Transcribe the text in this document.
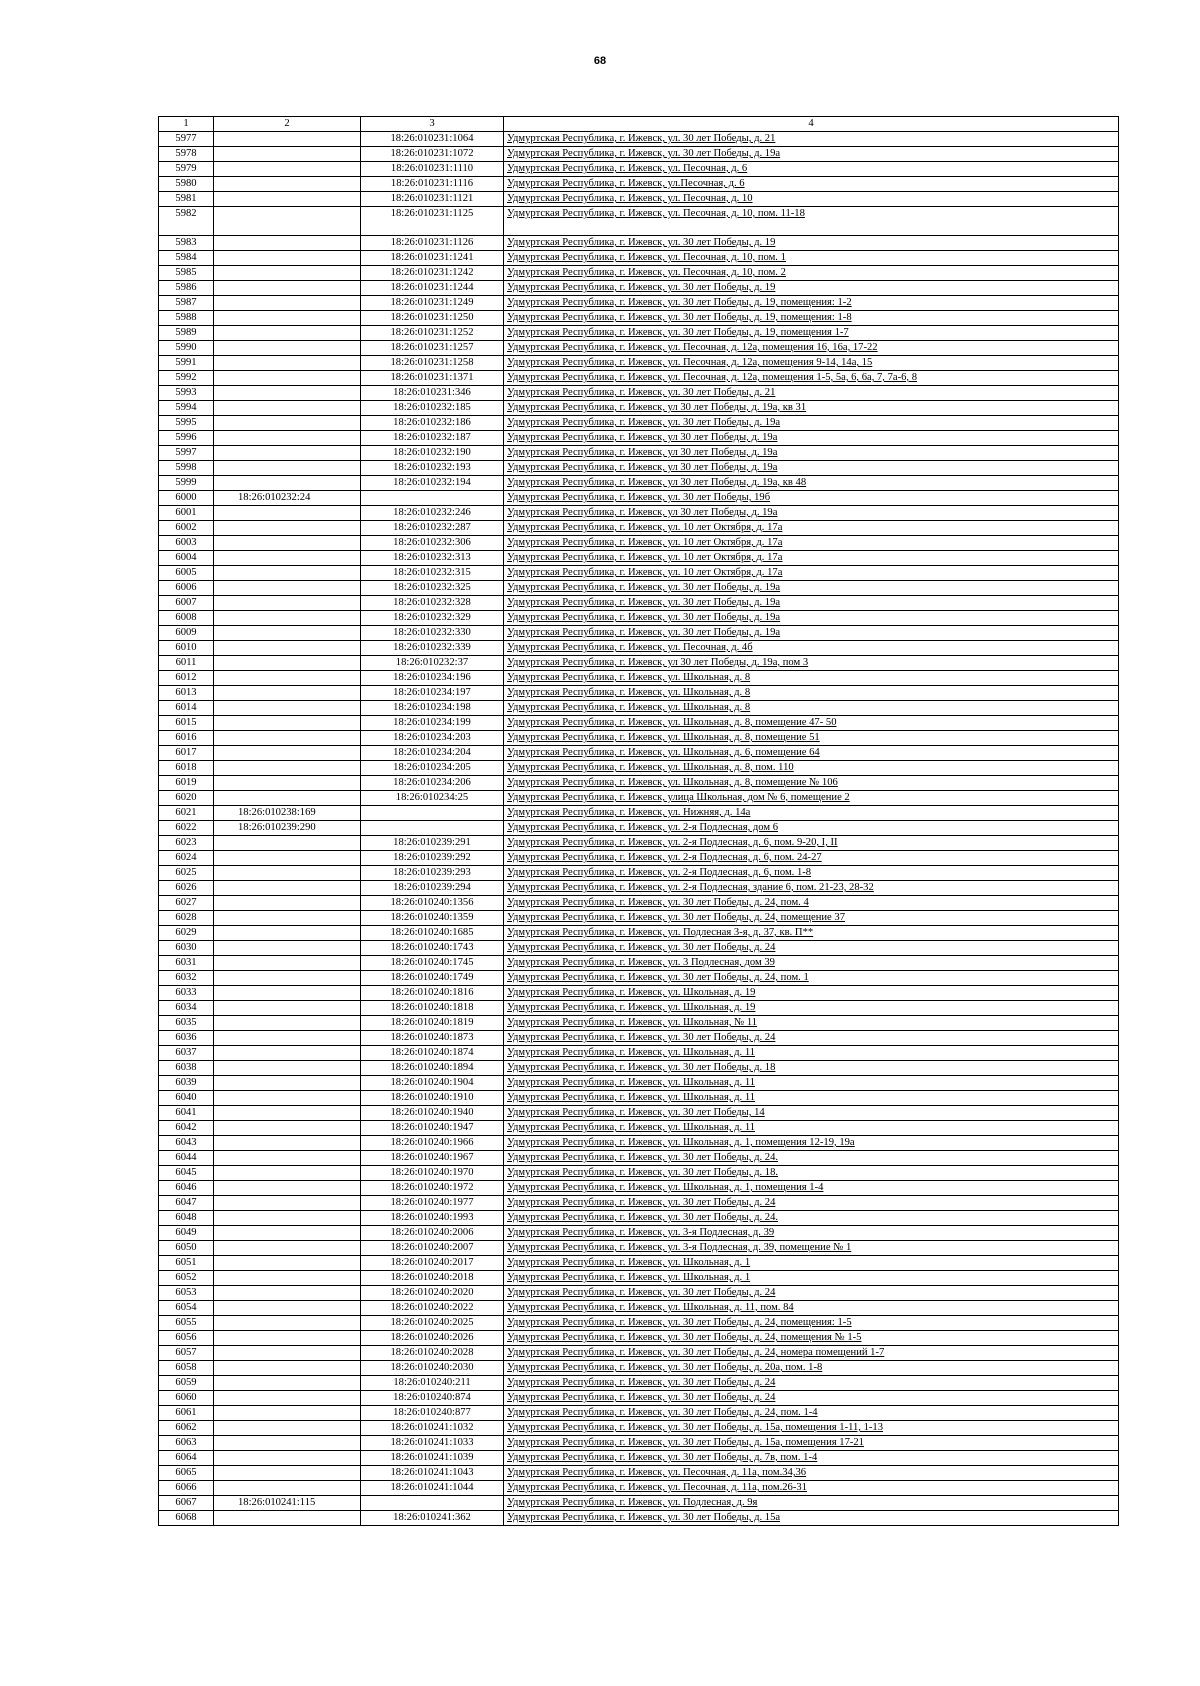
68
1	2	3	4
5977		18:26:010231:1064	Удмуртская Республика, г. Ижевск, ул. 30 лет Победы, д. 21
5978		18:26:010231:1072	Удмуртская Республика, г. Ижевск, ул. 30 лет Победы, д. 19а
5979		18:26:010231:1110	Удмуртская Республика, г. Ижевск, ул. Песочная, д. 6
5980		18:26:010231:1116	Удмуртская Республика, г. Ижевск, ул.Песочная, д. 6
5981		18:26:010231:1121	Удмуртская Республика, г. Ижевск, ул. Песочная, д. 10
5982		18:26:010231:1125	Удмуртская Республика, г. Ижевск, ул. Песочная, д. 10, пом. 11-18
5983		18:26:010231:1126	Удмуртская Республика, г. Ижевск, ул. 30 лет Победы, д. 19
5984		18:26:010231:1241	Удмуртская Республика, г. Ижевск, ул. Песочная, д. 10, пом. 1
5985		18:26:010231:1242	Удмуртская Республика, г. Ижевск, ул. Песочная, д. 10, пом. 2
5986		18:26:010231:1244	Удмуртская Республика, г. Ижевск, ул. 30 лет Победы, д. 19
5987		18:26:010231:1249	Удмуртская Республика, г. Ижевск, ул. 30 лет Победы, д. 19, помещения: 1-2
5988		18:26:010231:1250	Удмуртская Республика, г. Ижевск, ул. 30 лет Победы, д. 19, помещения: 1-8
5989		18:26:010231:1252	Удмуртская Республика, г. Ижевск, ул. 30 лет Победы, д. 19, помещения 1-7
5990		18:26:010231:1257	Удмуртская Республика, г. Ижевск, ул. Песочная, д. 12а, помещения 16, 16а, 17-22
5991		18:26:010231:1258	Удмуртская Республика, г. Ижевск, ул. Песочная, д. 12а, помещения 9-14, 14а, 15
5992		18:26:010231:1371	Удмуртская Республика, г. Ижевск, ул. Песочная, д. 12а, помещения 1-5, 5а, 6, 6а, 7, 7а-6, 8
5993		18:26:010231:346	Удмуртская Республика, г. Ижевск, ул. 30 лет Победы, д. 21
5994		18:26:010232:185	Удмуртская Республика, г. Ижевск, ул 30 лет Победы, д. 19а, кв 31
5995		18:26:010232:186	Удмуртская Республика, г. Ижевск, ул. 30 лет Победы, д. 19а
5996		18:26:010232:187	Удмуртская Республика, г. Ижевск, ул 30 лет Победы, д. 19а
5997		18:26:010232:190	Удмуртская Республика, г. Ижевск, ул 30 лет Победы, д. 19а
5998		18:26:010232:193	Удмуртская Республика, г. Ижевск, ул 30 лет Победы, д. 19а
5999		18:26:010232:194	Удмуртская Республика, г. Ижевск, ул 30 лет Победы, д. 19а, кв 48
6000	18:26:010232:24		Удмуртская Республика, г. Ижевск, ул. 30 лет Победы, 19б
6001		18:26:010232:246	Удмуртская Республика, г. Ижевск, ул 30 лет Победы, д. 19а
6002		18:26:010232:287	Удмуртская Республика, г. Ижевск, ул. 10 лет Октября, д. 17а
6003		18:26:010232:306	Удмуртская Республика, г. Ижевск, ул. 10 лет Октября, д. 17а
6004		18:26:010232:313	Удмуртская Республика, г. Ижевск, ул. 10 лет Октября, д. 17а
6005		18:26:010232:315	Удмуртская Республика, г. Ижевск, ул. 10 лет Октября, д. 17а
6006		18:26:010232:325	Удмуртская Республика, г. Ижевск, ул. 30 лет Победы, д. 19а
6007		18:26:010232:328	Удмуртская Республика, г. Ижевск, ул. 30 лет Победы, д. 19а
6008		18:26:010232:329	Удмуртская Республика, г. Ижевск, ул. 30 лет Победы, д. 19а
6009		18:26:010232:330	Удмуртская Республика, г. Ижевск, ул. 30 лет Победы, д. 19а
6010		18:26:010232:339	Удмуртская Республика, г. Ижевск, ул. Песочная, д. 4б
6011		18:26:010232:37	Удмуртская Республика, г. Ижевск, ул 30 лет Победы, д. 19а, пом 3
6012		18:26:010234:196	Удмуртская Республика, г. Ижевск, ул. Школьная, д. 8
6013		18:26:010234:197	Удмуртская Республика, г. Ижевск, ул. Школьная, д. 8
6014		18:26:010234:198	Удмуртская Республика, г. Ижевск, ул. Школьная, д. 8
6015		18:26:010234:199	Удмуртская Республика, г. Ижевск, ул. Школьная, д. 8, помещение 47- 50
6016		18:26:010234:203	Удмуртская Республика, г. Ижевск, ул. Школьная, д. 8, помещение 51
6017		18:26:010234:204	Удмуртская Республика, г. Ижевск, ул. Школьная, д. 6, помещение 64
6018		18:26:010234:205	Удмуртская Республика, г. Ижевск, ул. Школьная, д. 8, пом. 110
6019		18:26:010234:206	Удмуртская Республика, г. Ижевск, ул. Школьная, д. 8, помещение № 106
6020		18:26:010234:25	Удмуртская Республика, г. Ижевск, улица Школьная, дом № 6, помещение 2
6021	18:26:010238:169		Удмуртская Республика, г. Ижевск, ул. Нижняя, д. 14а
6022	18:26:010239:290		Удмуртская Республика, г. Ижевск, ул. 2-я Подлесная, дом 6
6023		18:26:010239:291	Удмуртская Республика, г. Ижевск, ул. 2-я Подлесная, д. 6, пом. 9-20, I, II
6024		18:26:010239:292	Удмуртская Республика, г. Ижевск, ул. 2-я Подлесная, д. 6, пом. 24-27
6025		18:26:010239:293	Удмуртская Республика, г. Ижевск, ул. 2-я Подлесная, д. 6, пом. 1-8
6026		18:26:010239:294	Удмуртская Республика, г. Ижевск, ул. 2-я Подлесная, здание 6, пом. 21-23, 28-32
6027		18:26:010240:1356	Удмуртская Республика, г. Ижевск, ул. 30 лет Победы, д. 24, пом. 4
6028		18:26:010240:1359	Удмуртская Республика, г. Ижевск, ул. 30 лет Победы, д. 24, помещение 37
6029		18:26:010240:1685	Удмуртская Республика, г. Ижевск, ул. Подлесная 3-я, д. 37, кв. П**
6030		18:26:010240:1743	Удмуртская Республика, г. Ижевск, ул. 30 лет Победы, д. 24
6031		18:26:010240:1745	Удмуртская Республика, г. Ижевск, ул. 3 Подлесная, дом 39
6032		18:26:010240:1749	Удмуртская Республика, г. Ижевск, ул. 30 лет Победы, д. 24, пом. 1
6033		18:26:010240:1816	Удмуртская Республика, г. Ижевск, ул. Школьная, д. 19
6034		18:26:010240:1818	Удмуртская Республика, г. Ижевск, ул. Школьная, д. 19
6035		18:26:010240:1819	Удмуртская Республика, г. Ижевск, ул. Школьная, № 11
6036		18:26:010240:1873	Удмуртская Республика, г. Ижевск, ул. 30 лет Победы, д. 24
6037		18:26:010240:1874	Удмуртская Республика, г. Ижевск, ул. Школьная, д. 11
6038		18:26:010240:1894	Удмуртская Республика, г. Ижевск, ул. 30 лет Победы, д. 18
6039		18:26:010240:1904	Удмуртская Республика, г. Ижевск, ул. Школьная, д. 11
6040		18:26:010240:1910	Удмуртская Республика, г. Ижевск, ул. Школьная, д. 11
6041		18:26:010240:1940	Удмуртская Республика, г. Ижевск, ул. 30 лет Победы, 14
6042		18:26:010240:1947	Удмуртская Республика, г. Ижевск, ул. Школьная, д. 11
6043		18:26:010240:1966	Удмуртская Республика, г. Ижевск, ул. Школьная, д. 1, помещения 12-19, 19а
6044		18:26:010240:1967	Удмуртская Республика, г. Ижевск, ул. 30 лет Победы, д. 24.
6045		18:26:010240:1970	Удмуртская Республика, г. Ижевск, ул. 30 лет Победы, д. 18.
6046		18:26:010240:1972	Удмуртская Республика, г. Ижевск, ул. Школьная, д. 1, помещения 1-4
6047		18:26:010240:1977	Удмуртская Республика, г. Ижевск, ул. 30 лет Победы, д. 24
6048		18:26:010240:1993	Удмуртская Республика, г. Ижевск, ул. 30 лет Победы, д. 24.
6049		18:26:010240:2006	Удмуртская Республика, г. Ижевск, ул. 3-я Подлесная, д. 39
6050		18:26:010240:2007	Удмуртская Республика, г. Ижевск, ул. 3-я Подлесная, д. 39, помещение № 1
6051		18:26:010240:2017	Удмуртская Республика, г. Ижевск, ул. Школьная, д. 1
6052		18:26:010240:2018	Удмуртская Республика, г. Ижевск, ул. Школьная, д. 1
6053		18:26:010240:2020	Удмуртская Республика, г. Ижевск, ул. 30 лет Победы, д. 24
6054		18:26:010240:2022	Удмуртская Республика, г. Ижевск, ул. Школьная, д. 11, пом. 84
6055		18:26:010240:2025	Удмуртская Республика, г. Ижевск, ул. 30 лет Победы, д. 24, помещения: 1-5
6056		18:26:010240:2026	Удмуртская Республика, г. Ижевск, ул. 30 лет Победы, д. 24, помещения № 1-5
6057		18:26:010240:2028	Удмуртская Республика, г. Ижевск, ул. 30 лет Победы, д. 24, номера помещений 1-7
6058		18:26:010240:2030	Удмуртская Республика, г. Ижевск, ул. 30 лет Победы, д. 20а, пом. 1-8
6059		18:26:010240:211	Удмуртская Республика, г. Ижевск, ул. 30 лет Победы, д. 24
6060		18:26:010240:874	Удмуртская Республика, г. Ижевск, ул. 30 лет Победы, д. 24
6061		18:26:010240:877	Удмуртская Республика, г. Ижевск, ул. 30 лет Победы, д. 24, пом. 1-4
6062		18:26:010241:1032	Удмуртская Республика, г. Ижевск, ул. 30 лет Победы, д. 15а, помещения 1-11, 1-13
6063		18:26:010241:1033	Удмуртская Республика, г. Ижевск, ул. 30 лет Победы, д. 15а, помещения 17-21
6064		18:26:010241:1039	Удмуртская Республика, г. Ижевск, ул. 30 лет Победы, д. 7в, пом. 1-4
6065		18:26:010241:1043	Удмуртская Республика, г. Ижевск, ул. Песочная, д. 11а, пом.34,36
6066		18:26:010241:1044	Удмуртская Республика, г. Ижевск, ул. Песочная, д. 11а, пом.26-31
6067	18:26:010241:115		Удмуртская Республика, г. Ижевск, ул. Подлесная, д. 9я
6068		18:26:010241:362	Удмуртская Республика, г. Ижевск, ул. 30 лет Победы, д. 15а
